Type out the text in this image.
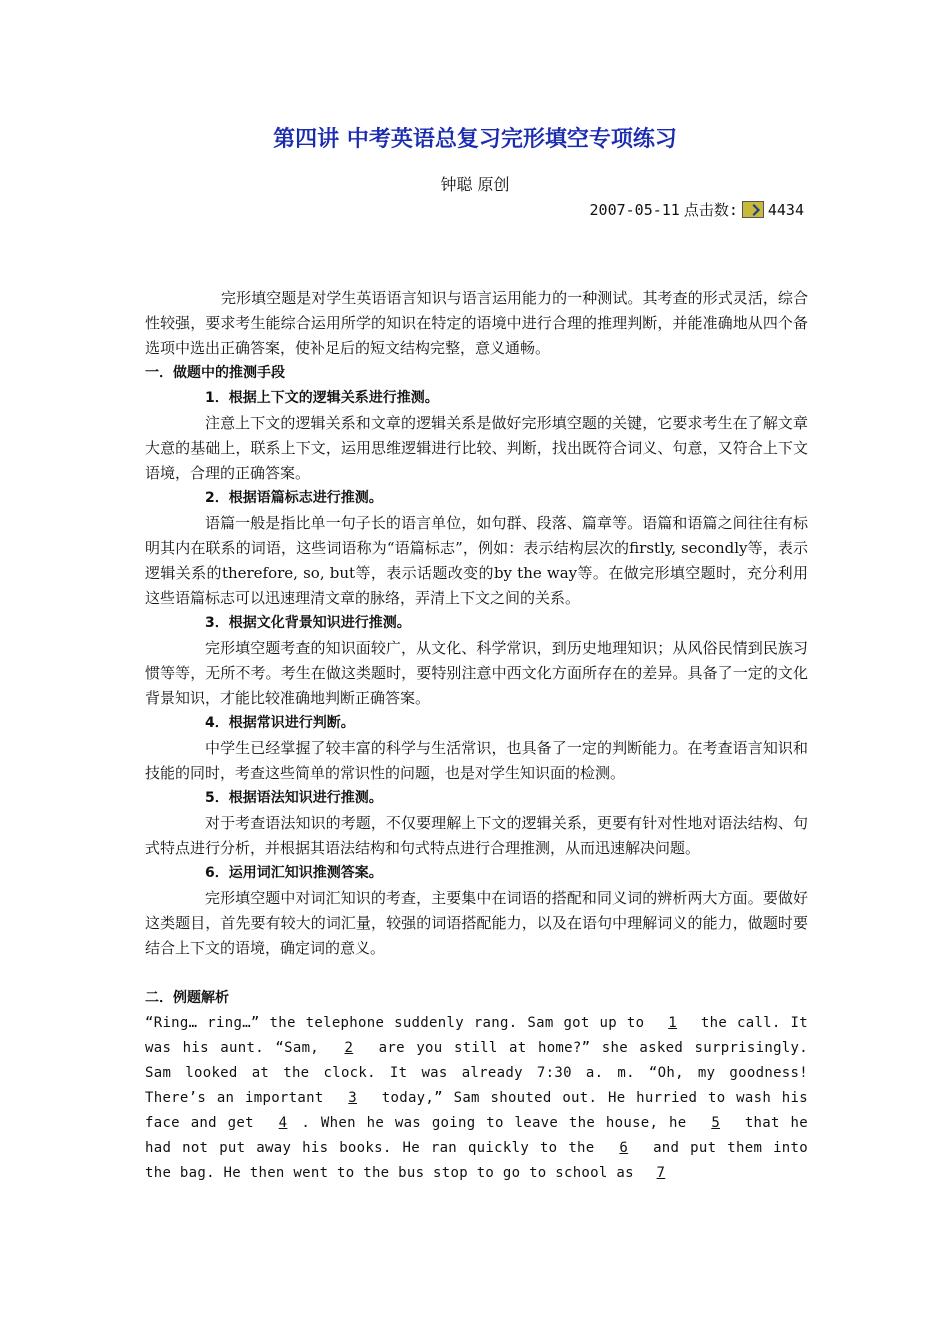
第四讲 中考英语总复习完形填空专项练习
钟聪 原创
2007-05-11 点击数: 4434

完形填空题是对学生英语语言知识与语言运用能力的一种测试。其考查的形式灵活，综合性较强，要求考生能综合运用所学的知识在特定的语境中进行合理的推理判断，并能准确地从四个备选项中选出正确答案，使补足后的短文结构完整，意义通畅。

一．做题中的推测手段

1．根据上下文的逻辑关系进行推测。

注意上下文的逻辑关系和文章的逻辑关系是做好完形填空题的关键，它要求考生在了解文章大意的基础上，联系上下文，运用思维逻辑进行比较、判断，找出既符合词义、句意，又符合上下文语境，合理的正确答案。

2．根据语篇标志进行推测。

语篇一般是指比单一句子长的语言单位，如句群、段落、篇章等。语篇和语篇之间往往有标明其内在联系的词语，这些词语称为“语篇标志”，例如：表示结构层次的firstly, secondly等，表示逻辑关系的therefore, so, but等，表示话题改变的by the way等。在做完形填空题时，充分利用这些语篇标志可以迅速理清文章的脉络，弄清上下文之间的关系。

3．根据文化背景知识进行推测。

完形填空题考查的知识面较广，从文化、科学常识，到历史地理知识；从风俗民情到民族习惯等等，无所不考。考生在做这类题时，要特别注意中西文化方面所存在的差异。具备了一定的文化背景知识，才能比较准确地判断正确答案。

4．根据常识进行判断。

中学生已经掌握了较丰富的科学与生活常识，也具备了一定的判断能力。在考查语言知识和技能的同时，考查这些简单的常识性的问题，也是对学生知识面的检测。

5．根据语法知识进行推测。

对于考查语法知识的考题，不仅要理解上下文的逻辑关系，更要有针对性地对语法结构、句式特点进行分析，并根据其语法结构和句式特点进行合理推测，从而迅速解决问题。

6．运用词汇知识推测答案。

完形填空题中对词汇知识的考查，主要集中在词语的搭配和同义词的辨析两大方面。要做好这类题目，首先要有较大的词汇量，较强的词语搭配能力，以及在语句中理解词义的能力，做题时要结合上下文的语境，确定词的意义。

二．例题解析

“Ring… ring…” the telephone suddenly rang. Sam got up to 1 the call. It was his aunt. “Sam, 2 are you still at home?” she asked surprisingly. Sam looked at the clock. It was already 7:30 a. m. “Oh, my goodness! There’s an important 3 today,” Sam shouted out. He hurried to wash his face and get 4 . When he was going to leave the house, he 5 that he had not put away his books. He ran quickly to the 6 and put them into the bag. He then went to the bus stop to go to school as 7
